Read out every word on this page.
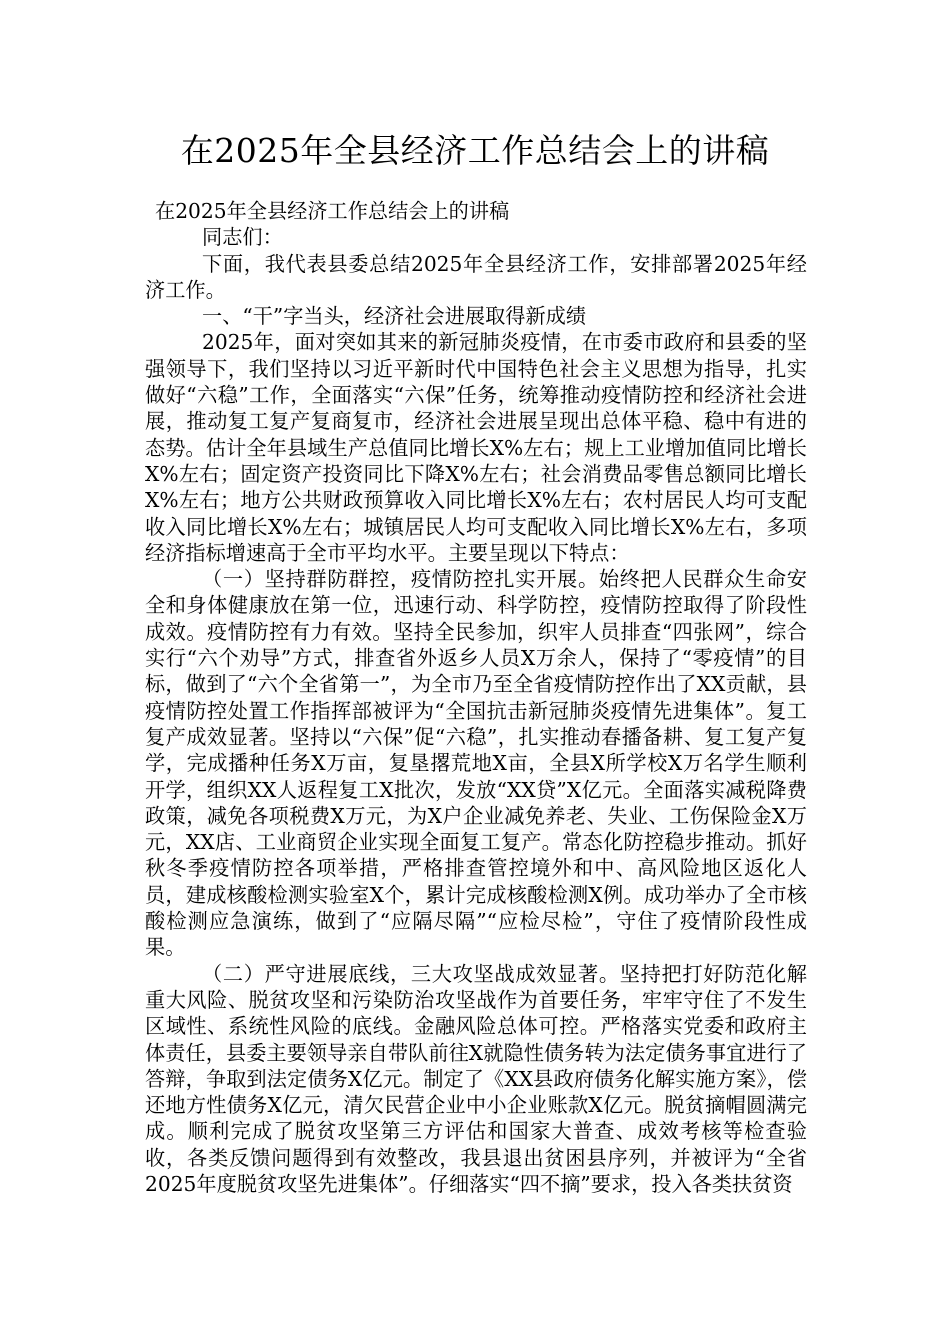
在2025年全县经济工作总结会上的讲稿

在2025年全县经济工作总结会上的讲稿

同志们：

下面，我代表县委总结2025年全县经济工作，安排部署2025年经济工作。

一、“干”字当头，经济社会进展取得新成绩

2025年，面对突如其来的新冠肺炎疫情，在市委市政府和县委的坚强领导下，我们坚持以习近平新时代中国特色社会主义思想为指导，扎实做好“六稳”工作，全面落实“六保”任务，统筹推动疫情防控和经济社会进展，推动复工复产复商复市，经济社会进展呈现出总体平稳、稳中有进的态势。估计全年县域生产总值同比增长X%左右；规上工业增加值同比增长X%左右；固定资产投资同比下降X%左右；社会消费品零售总额同比增长X%左右；地方公共财政预算收入同比增长X%左右；农村居民人均可支配收入同比增长X%左右；城镇居民人均可支配收入同比增长X%左右，多项经济指标增速高于全市平均水平。主要呈现以下特点：

（一）坚持群防群控，疫情防控扎实开展。始终把人民群众生命安全和身体健康放在第一位，迅速行动、科学防控，疫情防控取得了阶段性成效。疫情防控有力有效。坚持全民参加，织牢人员排查“四张网”，综合实行“六个劝导”方式，排查省外返乡人员X万余人，保持了“零疫情”的目标，做到了“六个全省第一”，为全市乃至全省疫情防控作出了XX贡献，县疫情防控处置工作指挥部被评为“全国抗击新冠肺炎疫情先进集体”。复工复产成效显著。坚持以“六保”促“六稳”，扎实推动春播备耕、复工复产复学，完成播种任务X万亩，复垦撂荒地X亩，全县X所学校X万名学生顺利开学，组织XX人返程复工X批次，发放“XX贷”X亿元。全面落实减税降费政策，减免各项税费X万元，为X户企业减免养老、失业、工伤保险金X万元，XX店、工业商贸企业实现全面复工复产。常态化防控稳步推动。抓好秋冬季疫情防控各项举措，严格排查管控境外和中、高风险地区返化人员，建成核酸检测实验室X个，累计完成核酸检测X例。成功举办了全市核酸检测应急演练，做到了“应隔尽隔”“应检尽检”，守住了疫情阶段性成果。

（二）严守进展底线，三大攻坚战成效显著。坚持把打好防范化解重大风险、脱贫攻坚和污染防治攻坚战作为首要任务，牢牢守住了不发生区域性、系统性风险的底线。金融风险总体可控。严格落实党委和政府主体责任，县委主要领导亲自带队前往X就隐性债务转为法定债务事宜进行了答辩，争取到法定债务X亿元。制定了《XX县政府债务化解实施方案》，偿还地方性债务X亿元，清欠民营企业中小企业账款X亿元。脱贫摘帽圆满完成。顺利完成了脱贫攻坚第三方评估和国家大普查、成效考核等检查验收，各类反馈问题得到有效整改，我县退出贫困县序列，并被评为“全省2025年度脱贫攻坚先进集体”。仔细落实“四不摘”要求，投入各类扶贫资
